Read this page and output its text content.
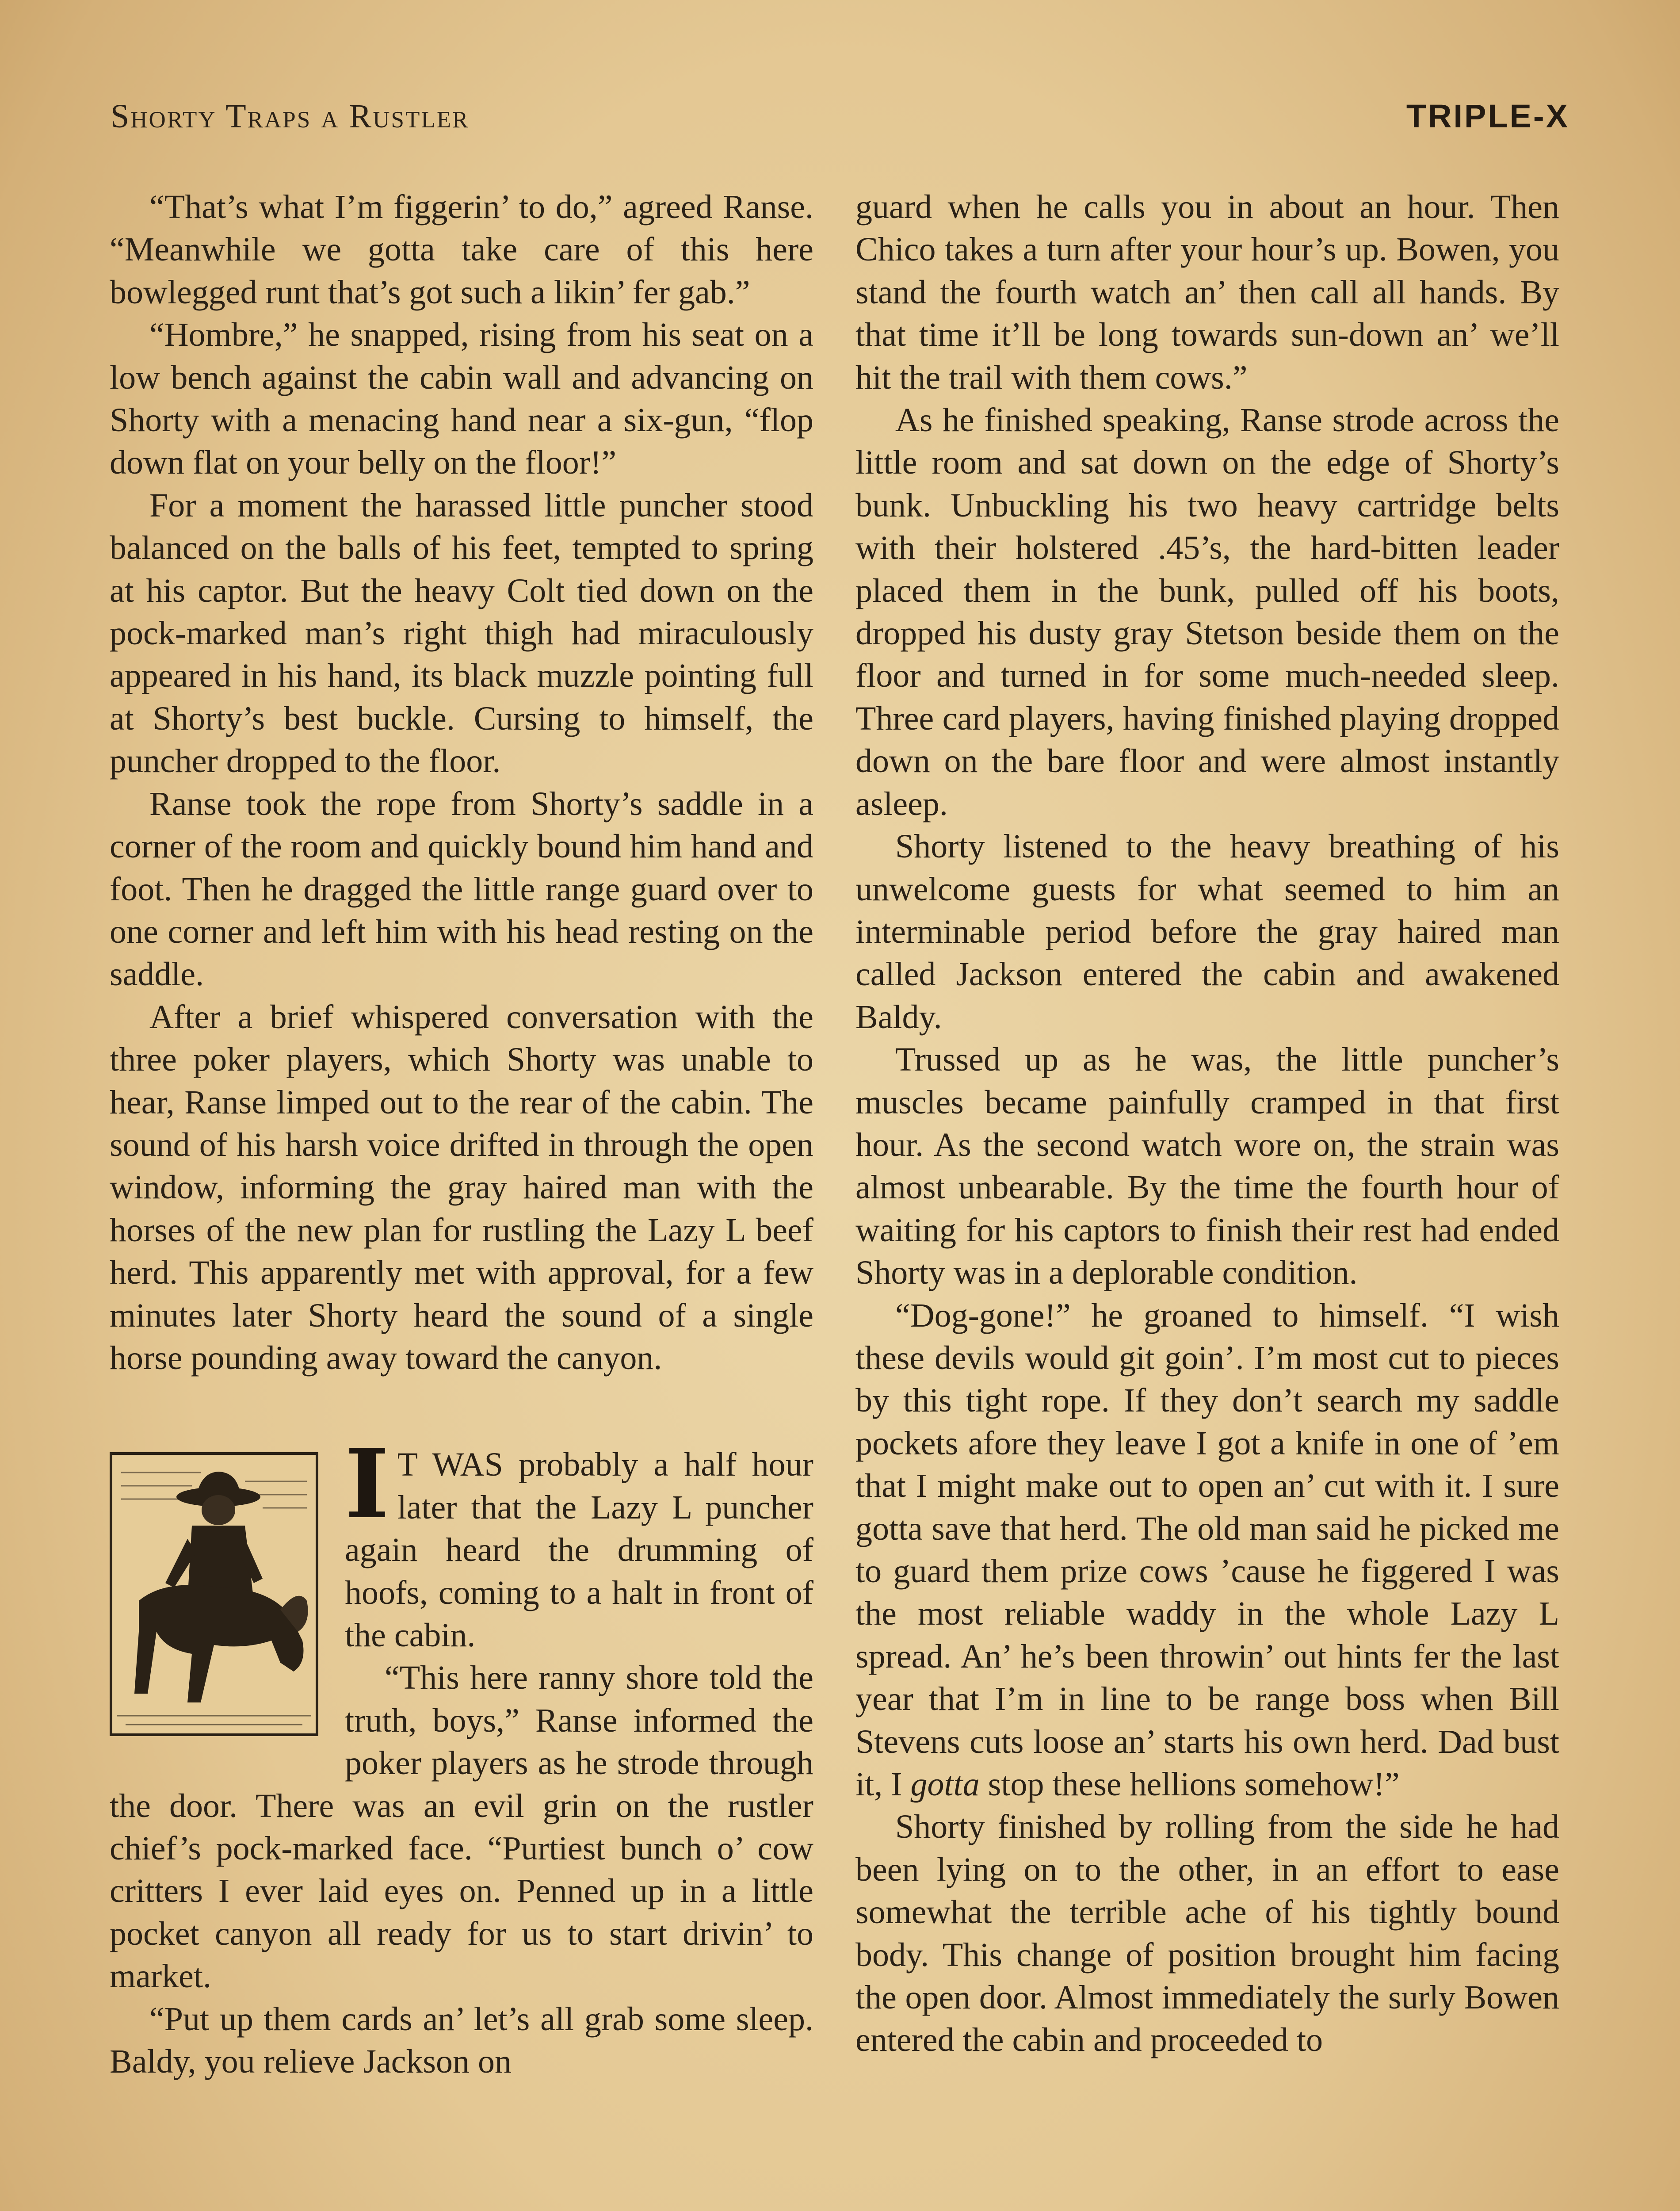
Shorty Traps a Rustler	TRIPLE-X

“That’s what I’m figgerin’ to do,” agreed Ranse. “Meanwhile we gotta take care of this here bowlegged runt that’s got such a likin’ fer gab.”

“Hombre,” he snapped, rising from his seat on a low bench against the cabin wall and advancing on Shorty with a menacing hand near a six-gun, “flop down flat on your belly on the floor!”

For a moment the harassed little puncher stood balanced on the balls of his feet, tempted to spring at his captor. But the heavy Colt tied down on the pock-marked man’s right thigh had miraculously appeared in his hand, its black muzzle pointing full at Shorty’s best buckle. Cursing to himself, the puncher dropped to the floor.

Ranse took the rope from Shorty’s saddle in a corner of the room and quickly bound him hand and foot. Then he dragged the little range guard over to one corner and left him with his head resting on the saddle.

After a brief whispered conversation with the three poker players, which Shorty was unable to hear, Ranse limped out to the rear of the cabin. The sound of his harsh voice drifted in through the open window, informing the gray haired man with the horses of the new plan for rustling the Lazy L beef herd. This apparently met with approval, for a few minutes later Shorty heard the sound of a single horse pounding away toward the canyon.

I T WAS probably a half hour later that the Lazy L puncher again heard the drumming of hoofs, coming to a halt in front of the cabin.

“This here ranny shore told the truth, boys,” Ranse informed the poker players as he strode through the door. There was an evil grin on the rustler chief’s pock-marked face. “Purtiest bunch o’ cow critters I ever laid eyes on. Penned up in a little pocket canyon all ready for us to start drivin’ to market.

“Put up them cards an’ let’s all grab some sleep. Baldy, you relieve Jackson on

guard when he calls you in about an hour. Then Chico takes a turn after your hour’s up. Bowen, you stand the fourth watch an’ then call all hands. By that time it’ll be long towards sun-down an’ we’ll hit the trail with them cows.”

As he finished speaking, Ranse strode across the little room and sat down on the edge of Shorty’s bunk. Unbuckling his two heavy cartridge belts with their holstered .45’s, the hard-bitten leader placed them in the bunk, pulled off his boots, dropped his dusty gray Stetson beside them on the floor and turned in for some much-needed sleep. Three card players, having finished playing dropped down on the bare floor and were almost instantly asleep.

Shorty listened to the heavy breathing of his unwelcome guests for what seemed to him an interminable period before the gray haired man called Jackson entered the cabin and awakened Baldy.

Trussed up as he was, the little puncher’s muscles became painfully cramped in that first hour. As the second watch wore on, the strain was almost unbearable. By the time the fourth hour of waiting for his captors to finish their rest had ended Shorty was in a deplorable condition.

“Dog-gone!” he groaned to himself. “I wish these devils would git goin’. I’m most cut to pieces by this tight rope. If they don’t search my saddle pockets afore they leave I got a knife in one of ’em that I might make out to open an’ cut with it. I sure gotta save that herd. The old man said he picked me to guard them prize cows ’cause he figgered I was the most reliable waddy in the whole Lazy L spread. An’ he’s been throwin’ out hints fer the last year that I’m in line to be range boss when Bill Stevens cuts loose an’ starts his own herd. Dad bust it, I gotta stop these hellions somehow!”

Shorty finished by rolling from the side he had been lying on to the other, in an effort to ease somewhat the terrible ache of his tightly bound body. This change of position brought him facing the open door. Almost immediately the surly Bowen entered the cabin and proceeded to
